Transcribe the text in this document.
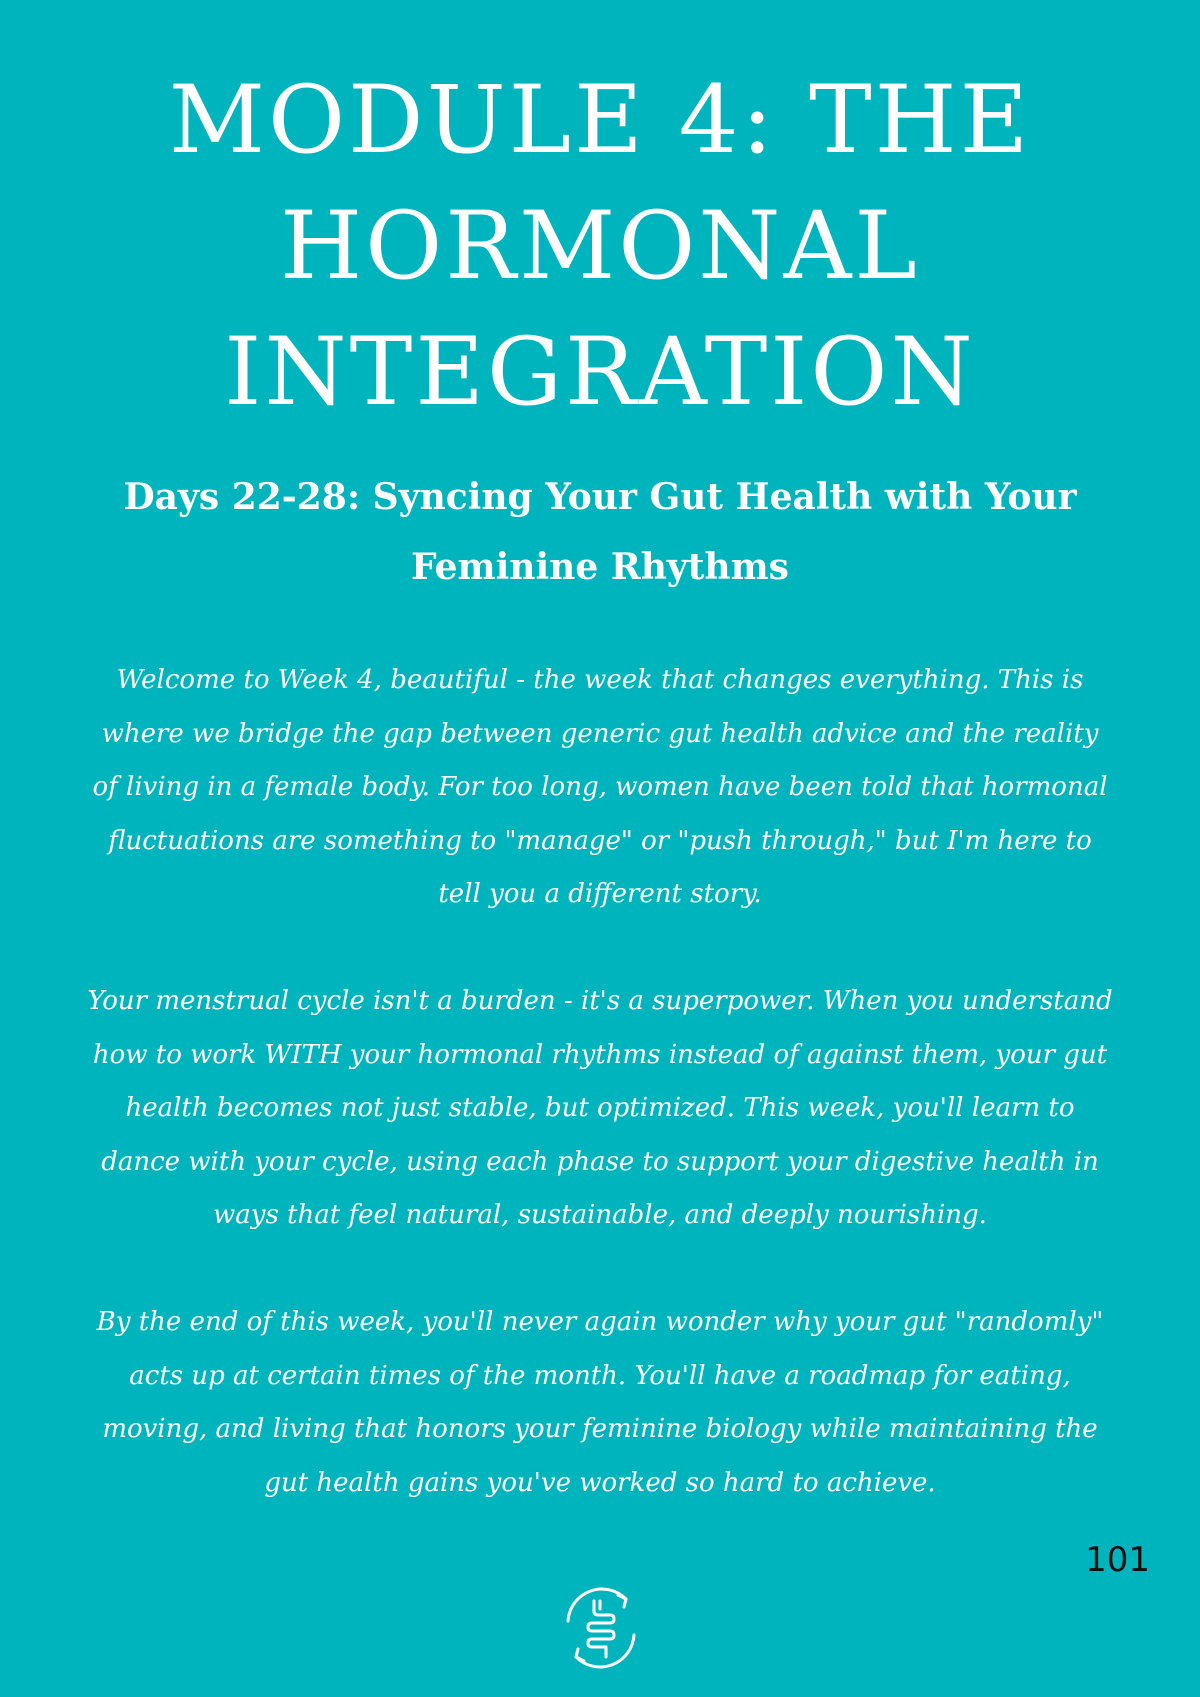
MODULE 4: THE
HORMONAL
INTEGRATION
Days 22-28: Syncing Your Gut Health with Your
Feminine Rhythms

Welcome to Week 4, beautiful - the week that changes everything. This is where we bridge the gap between generic gut health advice and the reality of living in a female body. For too long, women have been told that hormonal fluctuations are something to "manage" or "push through," but I'm here to tell you a different story.

Your menstrual cycle isn't a burden - it's a superpower. When you understand how to work WITH your hormonal rhythms instead of against them, your gut health becomes not just stable, but optimized. This week, you'll learn to dance with your cycle, using each phase to support your digestive health in ways that feel natural, sustainable, and deeply nourishing.

By the end of this week, you'll never again wonder why your gut "randomly" acts up at certain times of the month. You'll have a roadmap for eating, moving, and living that honors your feminine biology while maintaining the gut health gains you've worked so hard to achieve.

101
